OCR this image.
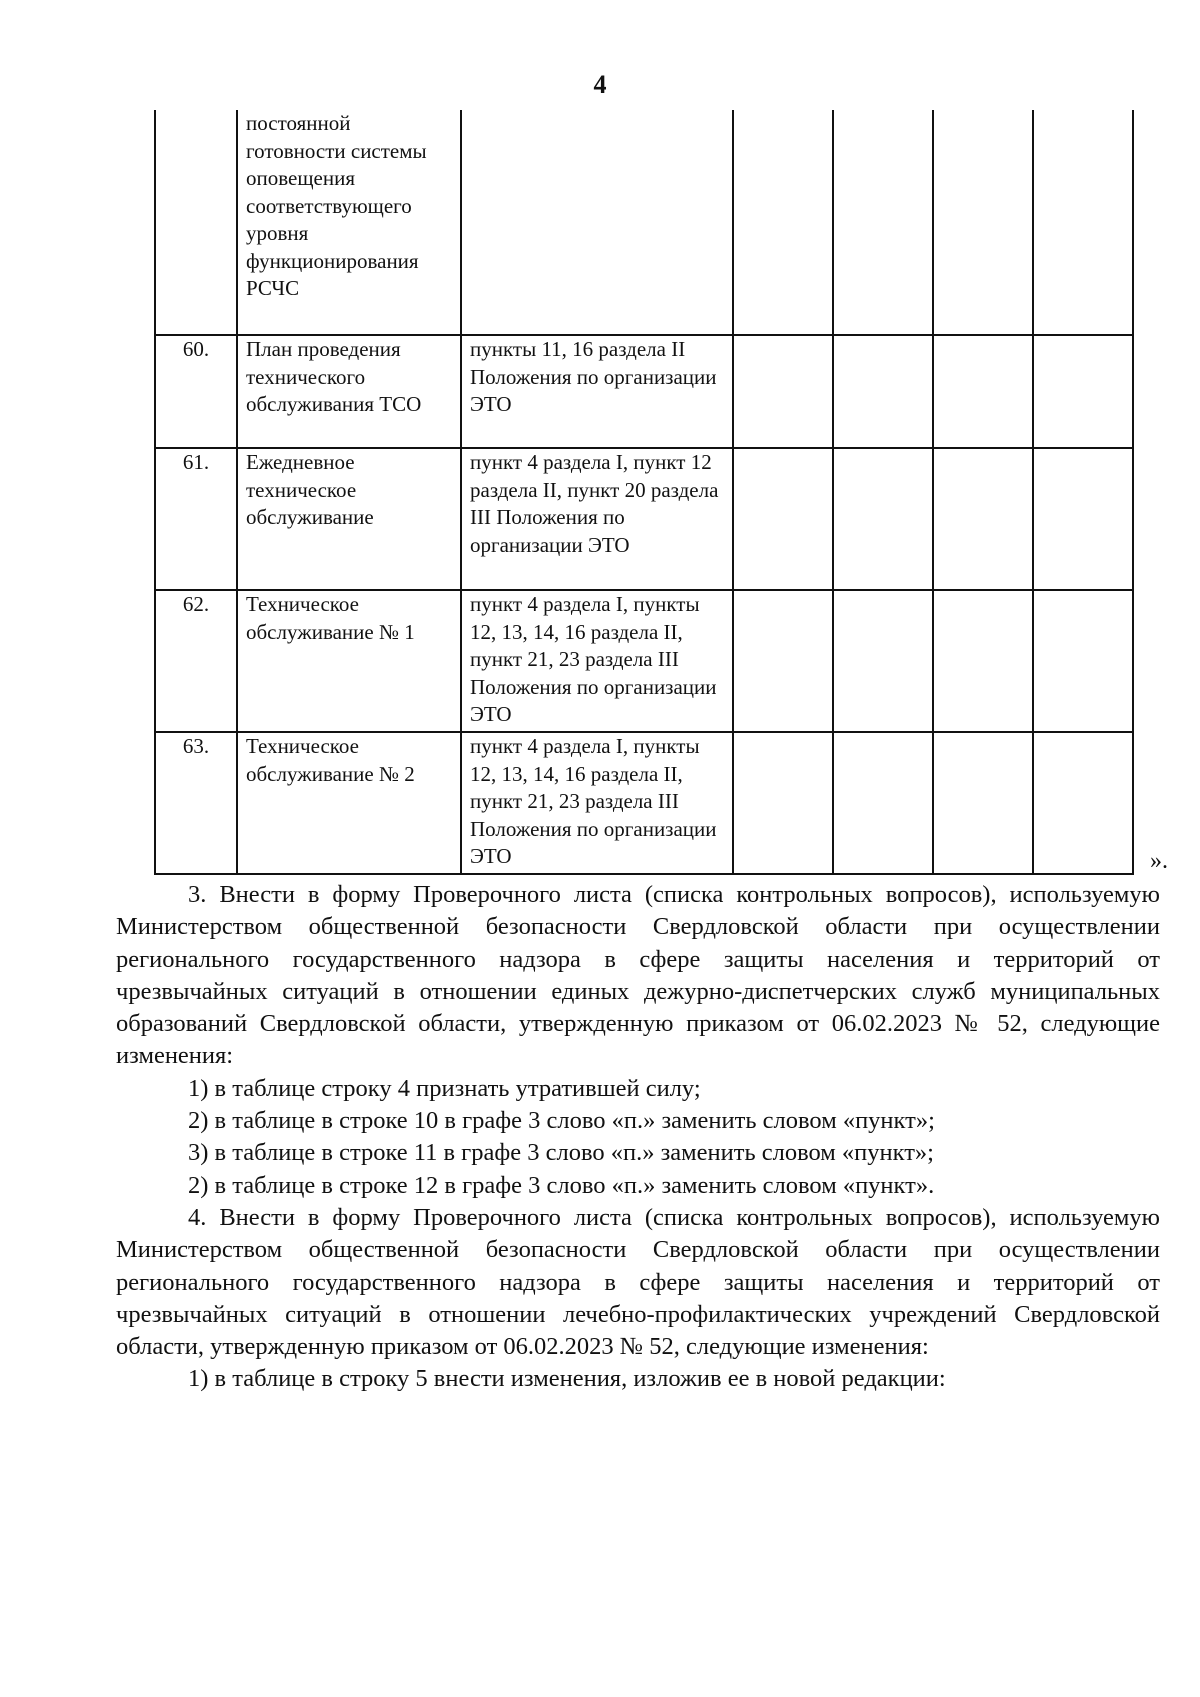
4
	постоянной готовности системы оповещения соответствующего уровня функционирования РСЧС					
60.	План проведения технического обслуживания ТСО	пункты 11, 16 раздела II Положения по организации ЭТО				
61.	Ежедневное техническое обслуживание	пункт 4 раздела I, пункт 12 раздела II, пункт 20 раздела III Положения по организации ЭТО				
62.	Техническое обслуживание № 1	пункт 4 раздела I, пункты 12, 13, 14, 16 раздела II, пункт 21, 23 раздела III Положения по организации ЭТО				
63.	Техническое обслуживание № 2	пункт 4 раздела I, пункты 12, 13, 14, 16 раздела II, пункт 21, 23 раздела III Положения по организации ЭТО					».

3. Внести в форму Проверочного листа (списка контрольных вопросов), используемую Министерством общественной безопасности Свердловской области при осуществлении регионального государственного надзора в сфере защиты населения и территорий от чрезвычайных ситуаций в отношении единых дежурно-диспетчерских служб муниципальных образований Свердловской области, утвержденную приказом от 06.02.2023 № 52, следующие изменения:

1) в таблице строку 4 признать утратившей силу;

2) в таблице в строке 10 в графе 3 слово «п.» заменить словом «пункт»;

3) в таблице в строке 11 в графе 3 слово «п.» заменить словом «пункт»;

2) в таблице в строке 12 в графе 3 слово «п.» заменить словом «пункт».

4. Внести в форму Проверочного листа (списка контрольных вопросов), используемую Министерством общественной безопасности Свердловской области при осуществлении регионального государственного надзора в сфере защиты населения и территорий от чрезвычайных ситуаций в отношении лечебно-профилактических учреждений Свердловской области, утвержденную приказом от 06.02.2023 № 52, следующие изменения:

1) в таблице в строку 5 внести изменения, изложив ее в новой редакции:
